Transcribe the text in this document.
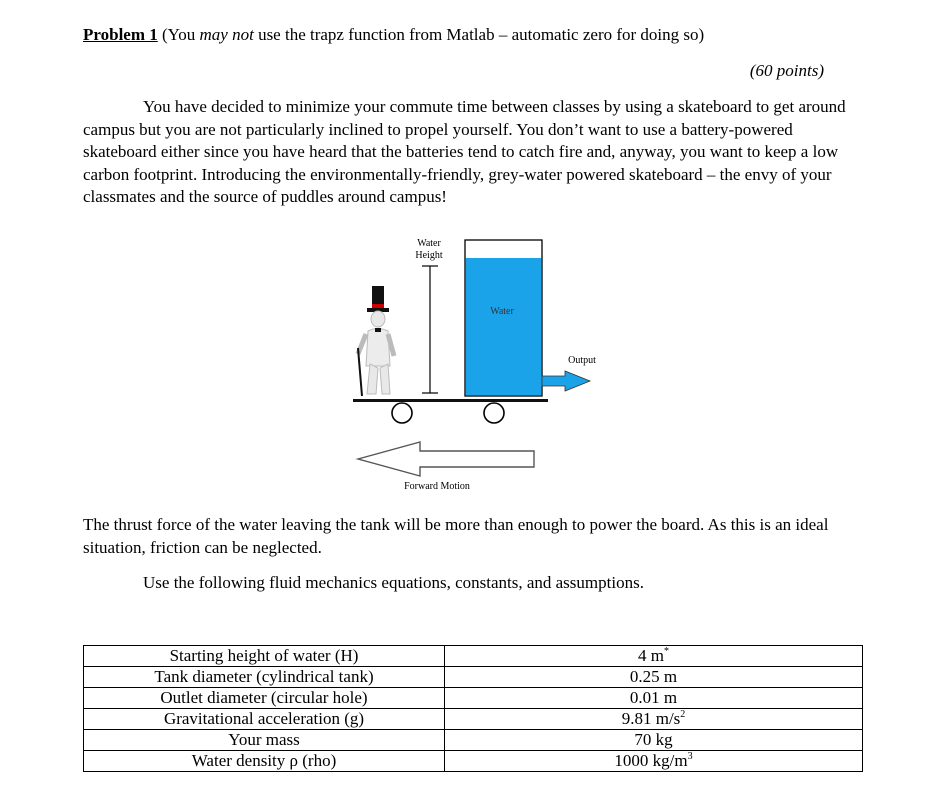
Problem 1 (You may not use the trapz function from Matlab – automatic zero for doing so)
(60 points)

You have decided to minimize your commute time between classes by using a skateboard to get around campus but you are not particularly inclined to propel yourself. You don’t want to use a battery-powered skateboard either since you have heard that the batteries tend to catch fire and, anyway, you want to keep a low carbon footprint. Introducing the environmentally-friendly, grey-water powered skateboard – the envy of your classmates and the source of puddles around campus!

Water
Height
Water
Output
Forward Motion

The thrust force of the water leaving the tank will be more than enough to power the board. As this is an ideal situation, friction can be neglected.

Use the following fluid mechanics equations, constants, and assumptions.
Starting height of water (H)	4 m*
Tank diameter (cylindrical tank)	0.25 m
Outlet diameter (circular hole)	0.01 m
Gravitational acceleration (g)	9.81 $m/s^2$
Your mass	70 kg
Water density ρ (rho)	1000 $kg/m^3$
